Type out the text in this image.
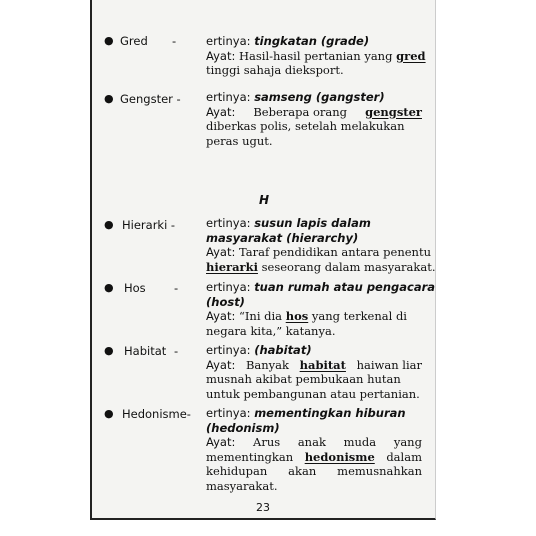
● Gred -	ertinya: tingkatan (grade)
Ayat: Hasil-hasil pertanian yang gred
tinggi sahaja dieksport.
● Gengster - ertinya: samseng (gangster)
Ayat: Beberapa orang gengster
diberkas polis, setelah melakukan
peras ugut.
H
● Hierarki -	ertinya: susun lapis dalam
masyarakat (hierarchy)
Ayat: Taraf pendidikan antara penentu
hierarki seseorang dalam masyarakat.
● Hos - ertinya: tuan rumah atau pengacara
(host)
Ayat: “Ini dia hos yang terkenal di
negara kita,” katanya.
● Habitat - ertinya: (habitat)
Ayat: Banyak habitat haiwan liar
musnah akibat pembukaan hutan
untuk pembangunan atau pertanian.
● Hedonisme- ertinya: mementingkan hiburan
(hedonism)
Ayat: Arus anak muda yang
mementingkan hedonisme dalam
kehidupan akan memusnahkan
masyarakat.
23
